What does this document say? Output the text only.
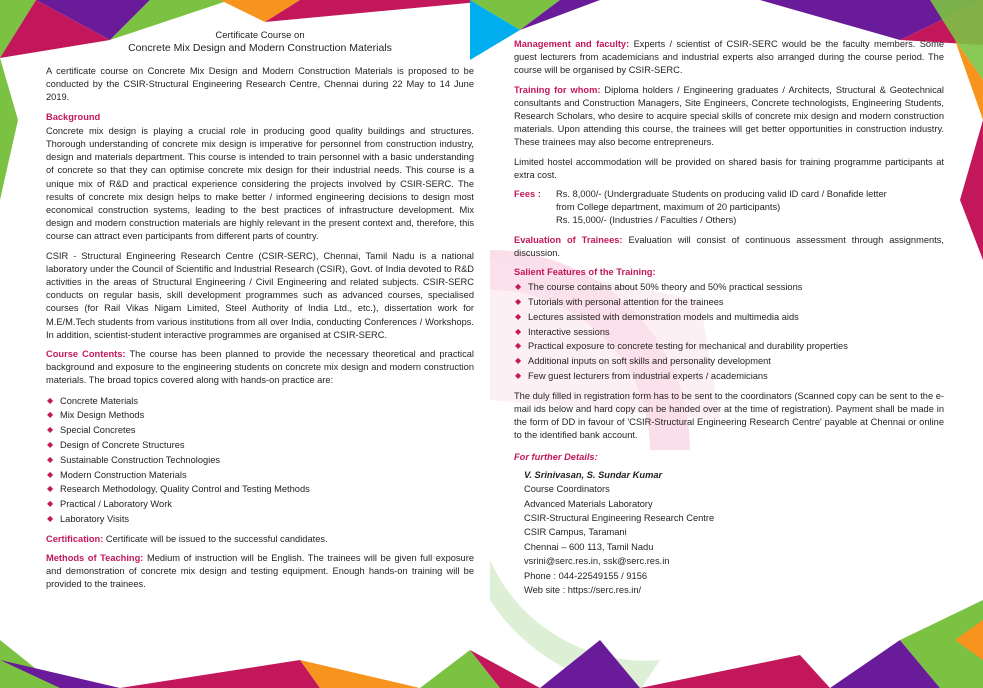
Certificate Course on
Concrete Mix Design and Modern Construction Materials

A certificate course on Concrete Mix Design and Modern Construction Materials is proposed to be conducted by the CSIR-Structural Engineering Research Centre, Chennai during 22 May to 14 June 2019.

Background

Concrete mix design is playing a crucial role in producing good quality buildings and structures. Thorough understanding of concrete mix design is imperative for personnel from construction industry, design and materials department. This course is intended to train personnel with a basic understanding of concrete so that they can optimise concrete mix design for their industrial needs. This course is a unique mix of R&D and practical experience considering the projects involved by CSIR-SERC. The results of concrete mix design helps to make better / informed engineering decisions to design most economical construction systems, leading to the best practices of infrastructure development. Mix design and modern construction materials are highly relevant in the present context and, therefore, this course can attract even participants from different parts of country.

CSIR - Structural Engineering Research Centre (CSIR-SERC), Chennai, Tamil Nadu is a national laboratory under the Council of Scientific and Industrial Research (CSIR), Govt. of India devoted to R&D activities in the areas of Structural Engineering / Civil Engineering and related subjects. CSIR-SERC conducts on regular basis, skill development programmes such as advanced courses, specialised courses (for Rail Vikas Nigam Limited, Steel Authority of India Ltd., etc.), dissertation work for M.E/M.Tech students from various institutions from all over India, conducting Conferences / Workshops. In addition, scientist-student interactive programmes are organised at CSIR-SERC.

Course Contents: The course has been planned to provide the necessary theoretical and practical background and exposure to the engineering students on concrete mix design and modern construction materials. The broad topics covered along with hands-on practice are:

◆ Concrete Materials
◆ Mix Design Methods
◆ Special Concretes
◆ Design of Concrete Structures
◆ Sustainable Construction Technologies
◆ Modern Construction Materials
◆ Research Methodology, Quality Control and Testing Methods
◆ Practical / Laboratory Work
◆ Laboratory Visits

Certification: Certificate will be issued to the successful candidates.

Methods of Teaching: Medium of instruction will be English. The trainees will be given full exposure and demonstration of concrete mix design and testing equipment. Enough hands-on training will be provided to the trainees.

Management and faculty: Experts / scientist of CSIR-SERC would be the faculty members. Some guest lecturers from academicians and industrial experts also arranged during the course period. The course will be organised by CSIR-SERC.

Training for whom: Diploma holders / Engineering graduates / Architects, Structural & Geotechnical consultants and Construction Managers, Site Engineers, Concrete technologists, Engineering Students, Research Scholars, who desire to acquire special skills of concrete mix design and modern construction materials. Upon attending this course, the trainees will get better opportunities in construction industry. These trainees may also become entrepreneurs.

Limited hostel accommodation will be provided on shared basis for training programme participants at extra cost.

Fees :	Rs. 8,000/- (Undergraduate Students on producing valid ID card / Bonafide letter
from College department, maximum of 20 participants)
Rs. 15,000/- (Industries / Faculties / Others)

Evaluation of Trainees: Evaluation will consist of continuous assessment through assignments, discussion.

Salient Features of the Training:
◆ The course contains about 50% theory and 50% practical sessions
◆ Tutorials with personal attention for the trainees
◆ Lectures assisted with demonstration models and multimedia aids
◆ Interactive sessions
◆ Practical exposure to concrete testing for mechanical and durability properties
◆ Additional inputs on soft skills and personality development
◆ Few guest lecturers from industrial experts / academicians

The duly filled in registration form has to be sent to the coordinators (Scanned copy can be sent to the e-mail ids below and hard copy can be handed over at the time of registration). Payment shall be made in the form of DD in favour of 'CSIR-Structural Engineering Research Centre' payable at Chennai or online to the identified bank account.

For further Details:
V. Srinivasan, S. Sundar Kumar
Course Coordinators
Advanced Materials Laboratory
CSIR-Structural Engineering Research Centre
CSIR Campus, Taramani
Chennai – 600 113, Tamil Nadu
vsrini@serc.res.in, ssk@serc.res.in
Phone : 044-22549155 / 9156
Web site : https://serc.res.in/
